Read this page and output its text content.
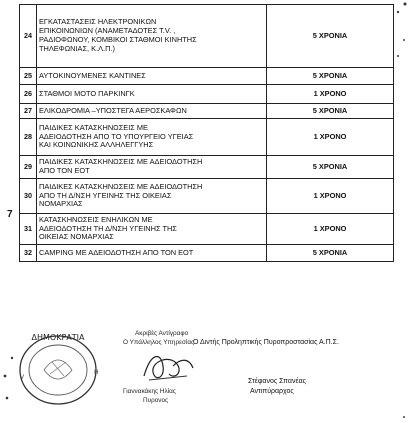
24	ΕΓΚΑΤΑΣΤΑΣΕΙΣ ΗΛΕΚΤΡΟΝΙΚΩΝ
ΕΠΙΚΟΙΝΩΝΙΩΝ (ΑΝΑΜΕΤΑΔΟΤΕΣ Τ.V. ,
ΡΑΔΙΟΦΩΝΟΥ, ΚΟΜΒΙΚΟΙ ΣΤΑΘΜΟΙ ΚΙΝΗΤΗΣ
ΤΗΛΕΦΩΝΙΑΣ, Κ.Λ.Π.)	5 ΧΡΟΝΙΑ
25	ΑΥΤΟΚΙΝΟΥΜΕΝΕΣ ΚΑΝΤΙΝΕΣ	5 ΧΡΟΝΙΑ
26	ΣΤΑΘΜΟΙ ΜΟΤΟ ΠΑΡΚΙΝΓΚ	1 ΧΡΟΝΟ
27	ΕΛΙΚΟΔΡΟΜΙΑ –ΥΠΟΣΤΕΓΑ ΑΕΡΟΣΚΑΦΩΝ	5 ΧΡΟΝΙΑ
28	ΠΑΙΔΙΚΕΣ ΚΑΤΑΣΚΗΝΩΣΕΙΣ ΜΕ
ΑΔΕΙΟΔΟΤΗΣΗ ΑΠΟ ΤΟ ΥΠΟΥΡΓΕΙΟ ΥΓΕΙΑΣ
ΚΑΙ ΚΟΙΝΩΝΙΚΗΣ ΑΛΛΗΛΕΓΓΥΗΣ	1 ΧΡΟΝΟ
29	ΠΑΙΔΙΚΕΣ ΚΑΤΑΣΚΗΝΩΣΕΙΣ ΜΕ ΑΔΕΙΟΔΟΤΗΣΗ
ΑΠΟ ΤΟΝ ΕΟΤ	5 ΧΡΟΝΙΑ
30	ΠΑΙΔΙΚΕΣ ΚΑΤΑΣΚΗΝΩΣΕΙΣ ΜΕ ΑΔΕΙΟΔΟΤΗΣΗ
ΑΠΟ ΤΗ Δ/ΝΣΗ ΥΓΕΙΝΗΣ ΤΗΣ ΟΙΚΕΙΑΣ
ΝΟΜΑΡΧΙΑΣ	1 ΧΡΟΝΟ
31	ΚΑΤΑΣΚΗΝΩΣΕΙΣ ΕΝΗΛΙΚΩΝ ΜΕ
ΑΔΕΙΟΔΟΤΗΣΗ ΤΗ Δ/ΝΣΗ ΥΓΕΙΝΗΣ ΤΗΣ
ΟΙΚΕΙΑΣ ΝΟΜΑΡΧΙΑΣ	1 ΧΡΟΝΟ
32	CAMPING ΜΕ ΑΔΕΙΟΔΟΤΗΣΗ ΑΠΟ ΤΟΝ ΕΟΤ	5 ΧΡΟΝΙΑ
7
ΔΗΜΟΚΡΑΤΙΑ
V
H
Ακριβές Αντίγραφο
Ο Υπάλληλος Υπηρεσίας
Ο Διντής Προληπτικής Πυροπροστασίας Α.Π.Σ.
Γιαννακάκης Ηλίας
Πυρονος
Στέφανος Σπανέας
Αντιπύραρχος
